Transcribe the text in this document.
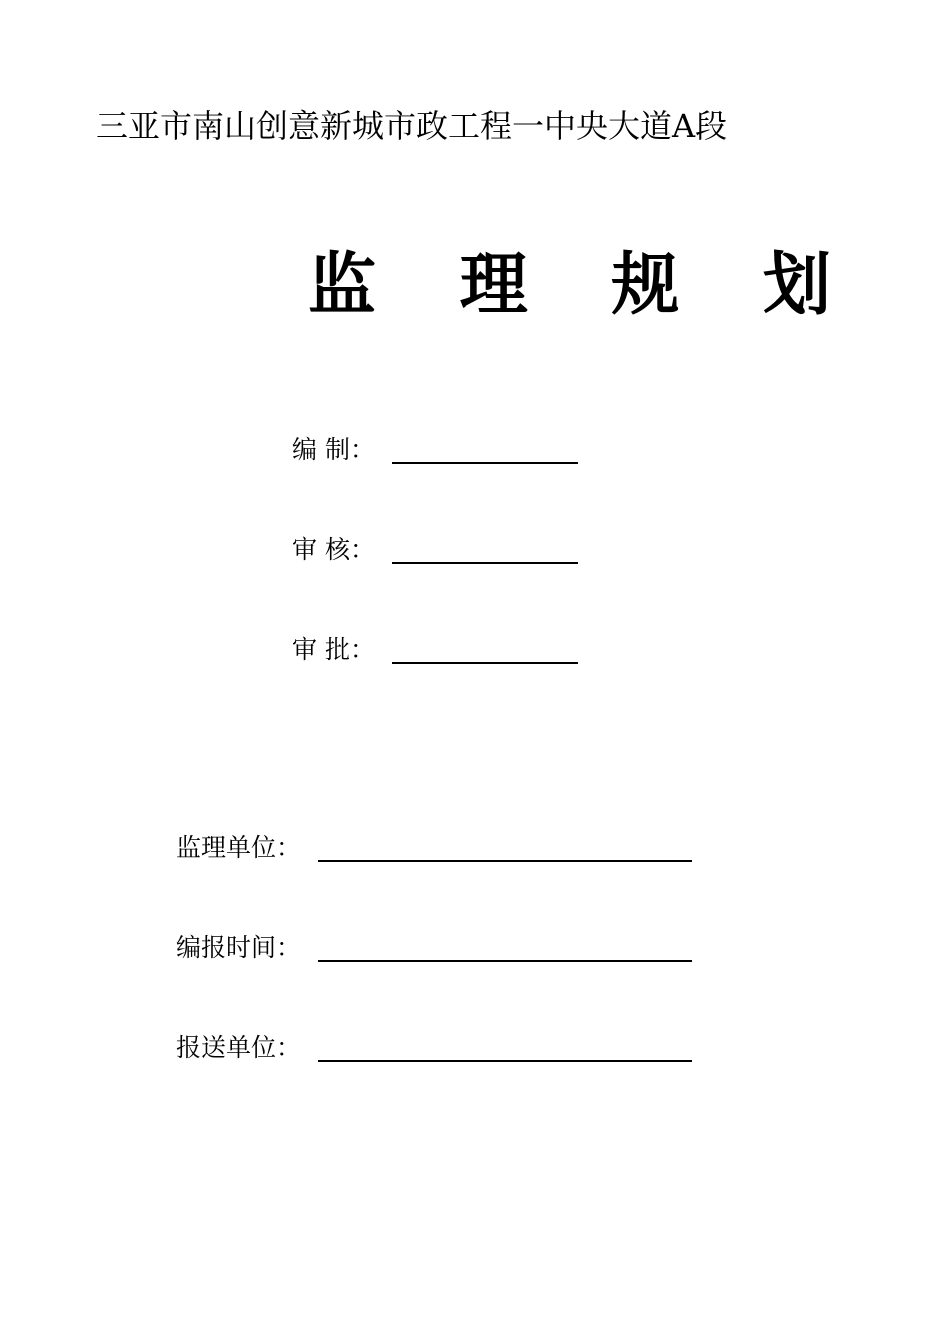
三亚市南山创意新城市政工程一中央大道A段
监 理 规 划
编 制：
审 核：
审 批：
监理单位：
编报时间：
报送单位：
